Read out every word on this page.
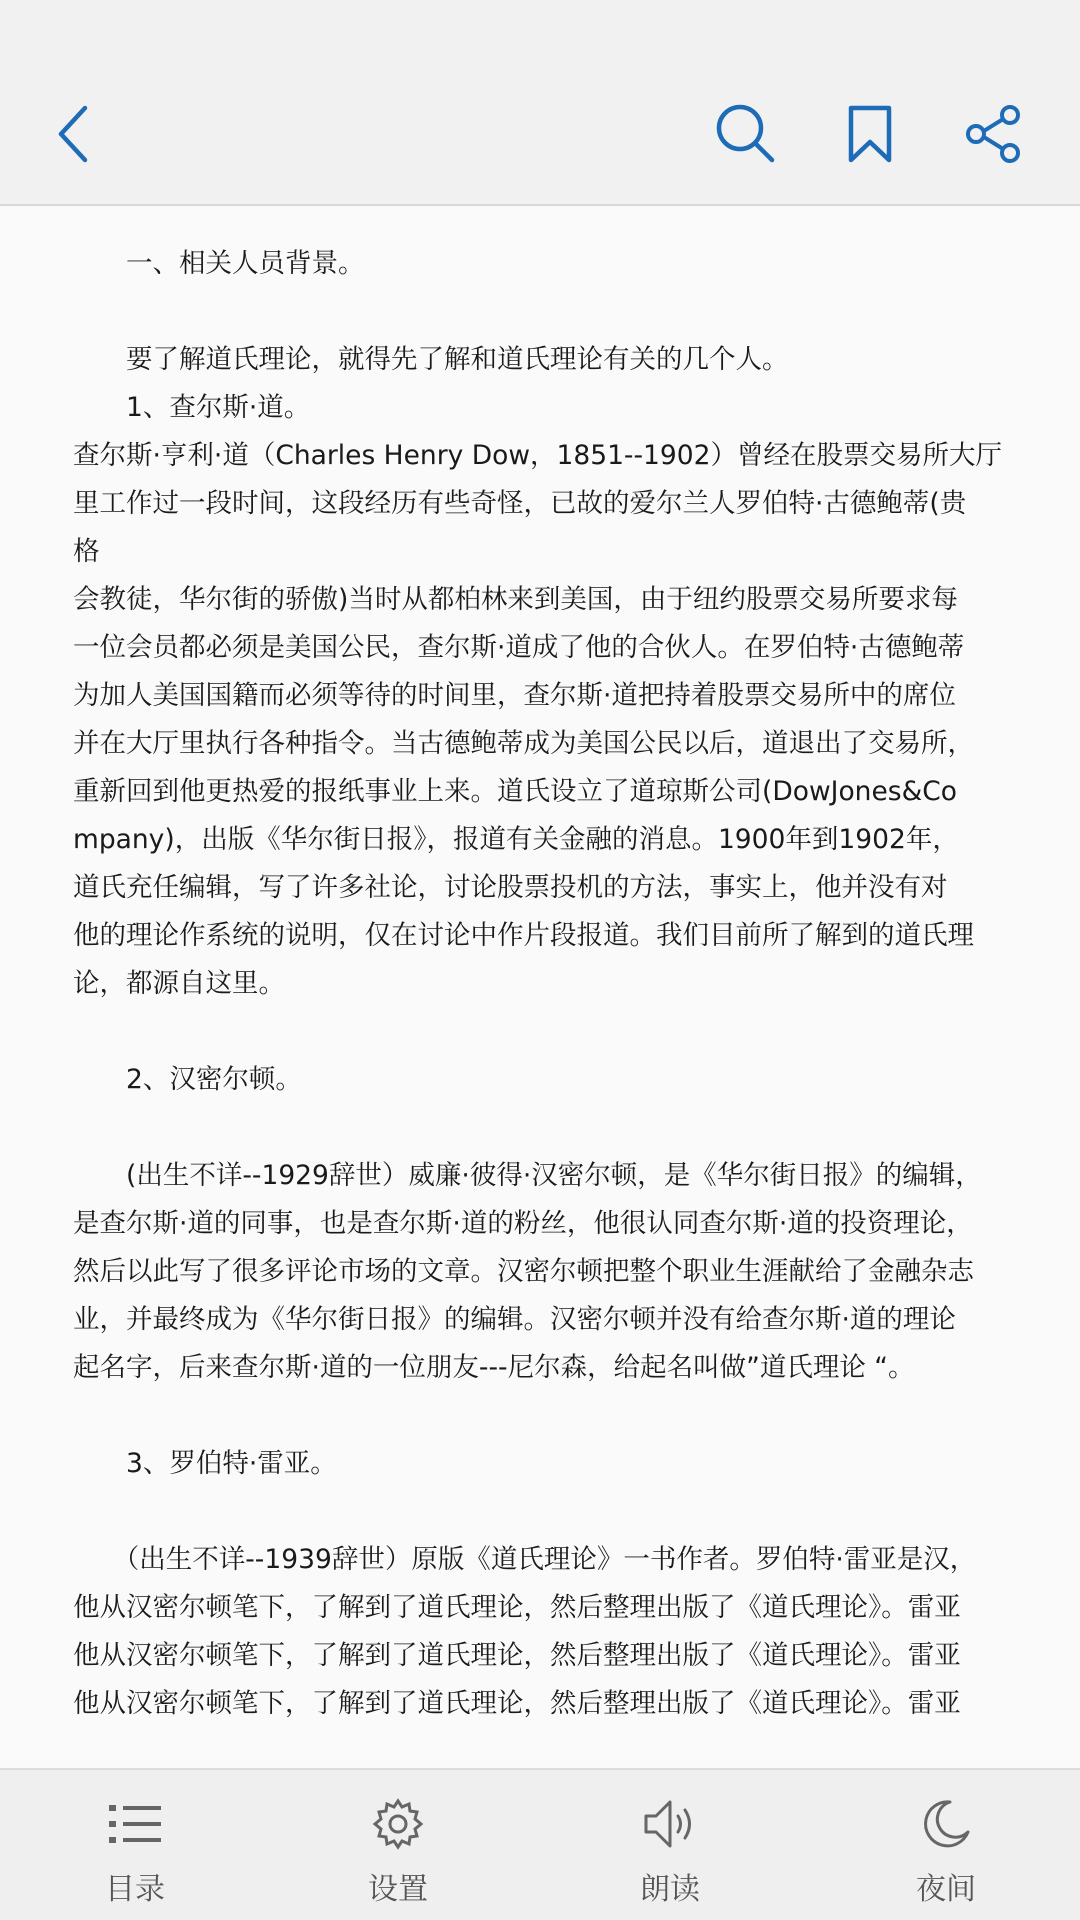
　　一、相关人员背景。
　　要了解道氏理论，就得先了解和道氏理论有关的几个人。
　　1、查尔斯·道。
查尔斯·亨利·道（Charles Henry Dow，1851--1902）曾经在股票交易所大厅
里工作过一段时间，这段经历有些奇怪，已故的爱尔兰人罗伯特·古德鲍蒂(贵
格
会教徒，华尔街的骄傲)当时从都柏林来到美国，由于纽约股票交易所要求每
一位会员都必须是美国公民，查尔斯·道成了他的合伙人。在罗伯特·古德鲍蒂
为加人美国国籍而必须等待的时间里，查尔斯·道把持着股票交易所中的席位
并在大厅里执行各种指令。当古德鲍蒂成为美国公民以后，道退出了交易所，
重新回到他更热爱的报纸事业上来。道氏设立了道琼斯公司(DowJones&Co
mpany)，出版《华尔街日报》，报道有关金融的消息。1900年到1902年，
道氏充任编辑，写了许多社论，讨论股票投机的方法，事实上，他并没有对
他的理论作系统的说明，仅在讨论中作片段报道。我们目前所了解到的道氏理
论，都源自这里。
　　2、汉密尔顿。
　　(出生不详--1929辞世）威廉·彼得·汉密尔顿，是《华尔街日报》的编辑，
是查尔斯·道的同事，也是查尔斯·道的粉丝，他很认同查尔斯·道的投资理论，
然后以此写了很多评论市场的文章。汉密尔顿把整个职业生涯献给了金融杂志
业，并最终成为《华尔街日报》的编辑。汉密尔顿并没有给查尔斯·道的理论
起名字，后来查尔斯·道的一位朋友---尼尔森，给起名叫做”道氏理论 “。
　　3、罗伯特·雷亚。
　　（出生不详--1939辞世）原版《道氏理论》一书作者。罗伯特·雷亚是汉，
他从汉密尔顿笔下，了解到了道氏理论，然后整理出版了《道氏理论》。雷亚
他从汉密尔顿笔下，了解到了道氏理论，然后整理出版了《道氏理论》。雷亚
他从汉密尔顿笔下，了解到了道氏理论，然后整理出版了《道氏理论》。雷亚
目录	设置	朗读	夜间
